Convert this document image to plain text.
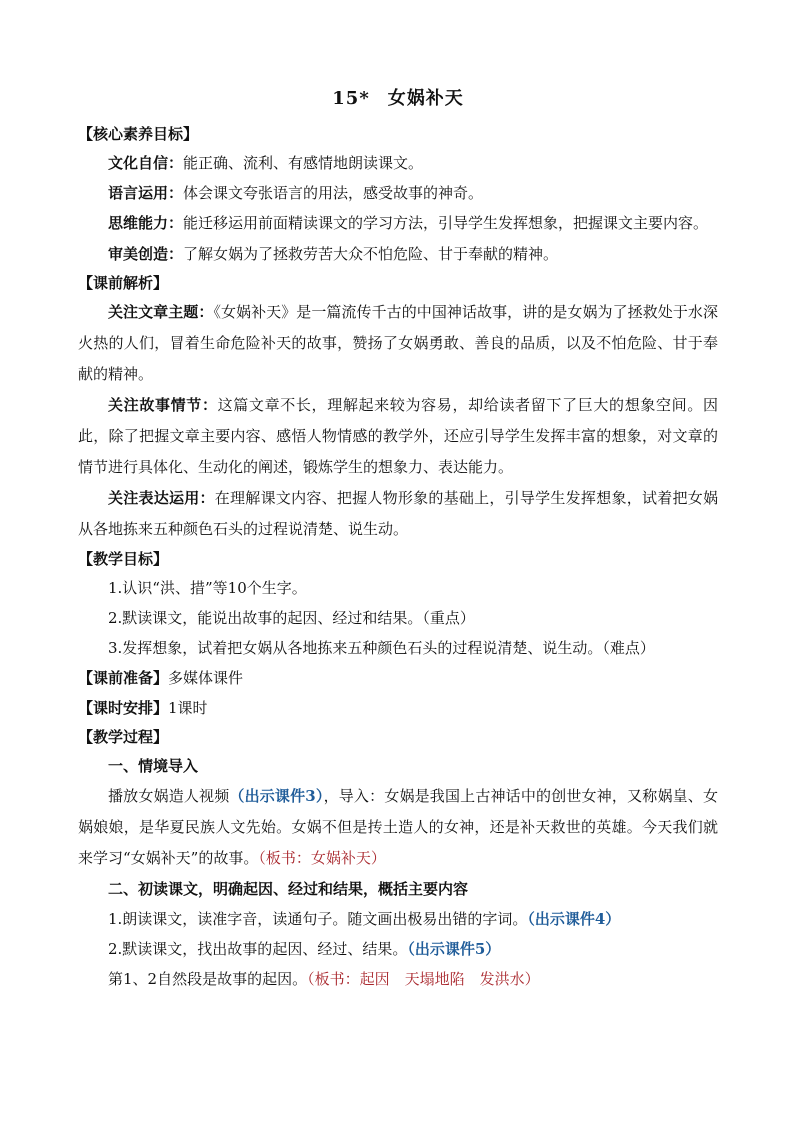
15* 女娲补天

【核心素养目标】

文化自信：能正确、流利、有感情地朗读课文。

语言运用：体会课文夸张语言的用法，感受故事的神奇。

思维能力：能迁移运用前面精读课文的学习方法，引导学生发挥想象，把握课文主要内容。

审美创造：了解女娲为了拯救劳苦大众不怕危险、甘于奉献的精神。

【课前解析】

关注文章主题：《女娲补天》是一篇流传千古的中国神话故事，讲的是女娲为了拯救处于水深火热的人们，冒着生命危险补天的故事，赞扬了女娲勇敢、善良的品质，以及不怕危险、甘于奉献的精神。

关注故事情节：这篇文章不长，理解起来较为容易，却给读者留下了巨大的想象空间。因此，除了把握文章主要内容、感悟人物情感的教学外，还应引导学生发挥丰富的想象，对文章的情节进行具体化、生动化的阐述，锻炼学生的想象力、表达能力。

关注表达运用：在理解课文内容、把握人物形象的基础上，引导学生发挥想象，试着把女娲从各地拣来五种颜色石头的过程说清楚、说生动。

【教学目标】

1.认识“洪、措”等10个生字。

2.默读课文，能说出故事的起因、经过和结果。（重点）

3.发挥想象，试着把女娲从各地拣来五种颜色石头的过程说清楚、说生动。（难点）

【课前准备】多媒体课件

【课时安排】1课时

【教学过程】

一、情境导入

播放女娲造人视频（出示课件3），导入：女娲是我国上古神话中的创世女神，又称娲皇、女娲娘娘，是华夏民族人文先始。女娲不但是抟土造人的女神，还是补天救世的英雄。今天我们就来学习“女娲补天”的故事。（板书：女娲补天）

二、初读课文，明确起因、经过和结果，概括主要内容

1.朗读课文，读准字音，读通句子。随文画出极易出错的字词。（出示课件4）

2.默读课文，找出故事的起因、经过、结果。（出示课件5）

第1、2自然段是故事的起因。（板书：起因　天塌地陷　发洪水）
